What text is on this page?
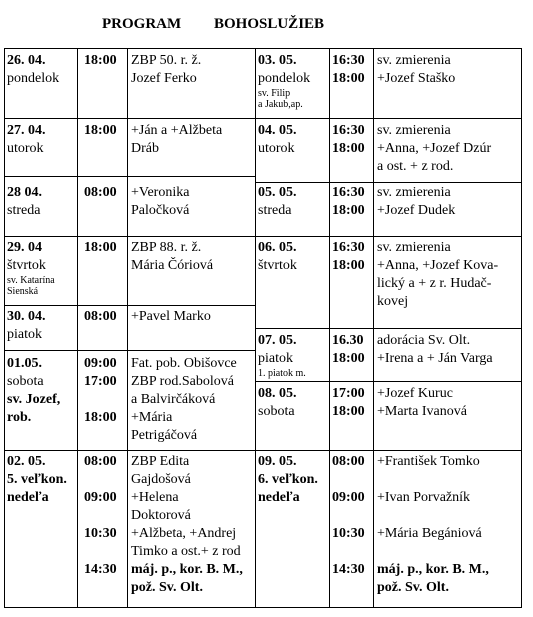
PROGRAM BOHOSLUŽIEB
26. 04.
pondelok
18:00 ZBP 50. r. ž.
Jozef Ferko
03. 05.
pondelok
sv. Filip
a Jakub,ap.
16:30
18:00
sv. zmierenia
+Jozef Staško
27. 04.
utorok
18:00 +Ján a +Alžbeta
Dráb
04. 05.
utorok
16:30
18:00
sv. zmierenia
+Anna, +Jozef Dzúr
a ost. + z rod.
28 04.
streda
08:00 +Veronika
Paločková
05. 05.
streda
16:30
18:00
sv. zmierenia
+Jozef Dudek
29. 04
štvrtok
sv. Katarína
Sienská
18:00 ZBP 88. r. ž.
Mária Čóriová
06. 05.
štvrtok
16:30
18:00
sv. zmierenia
+Anna, +Jozef Kova-
lický a + z r. Hudač-
kovej
30. 04.
piatok
08:00 +Pavel Marko
07. 05.
piatok
1. piatok m.
16.30
18:00
adorácia Sv. Olt.
+Irena a + Ján Varga
01.05.
sobota
sv. Jozef,
rob.
09:00
17:00
18:00
Fat. pob. Obišovce
ZBP rod.Sabolová
a Balvirčáková
+Mária
Petrigáčová
08. 05.
sobota
17:00
18:00
+Jozef Kuruc
+Marta Ivanová
02. 05.
5. veľkon.
nedeľa
08:00
09:00
10:30
14:30
ZBP Edita
Gajdošová
+Helena
Doktorová
+Alžbeta, +Andrej
Timko a ost.+ z rod
máj. p., kor. B. M.,
pož. Sv. Olt.
09. 05.
6. veľkon.
nedeľa
08:00
09:00
10:30
14:30
+František Tomko
+Ivan Porvažník
+Mária Begániová
máj. p., kor. B. M.,
pož. Sv. Olt.
